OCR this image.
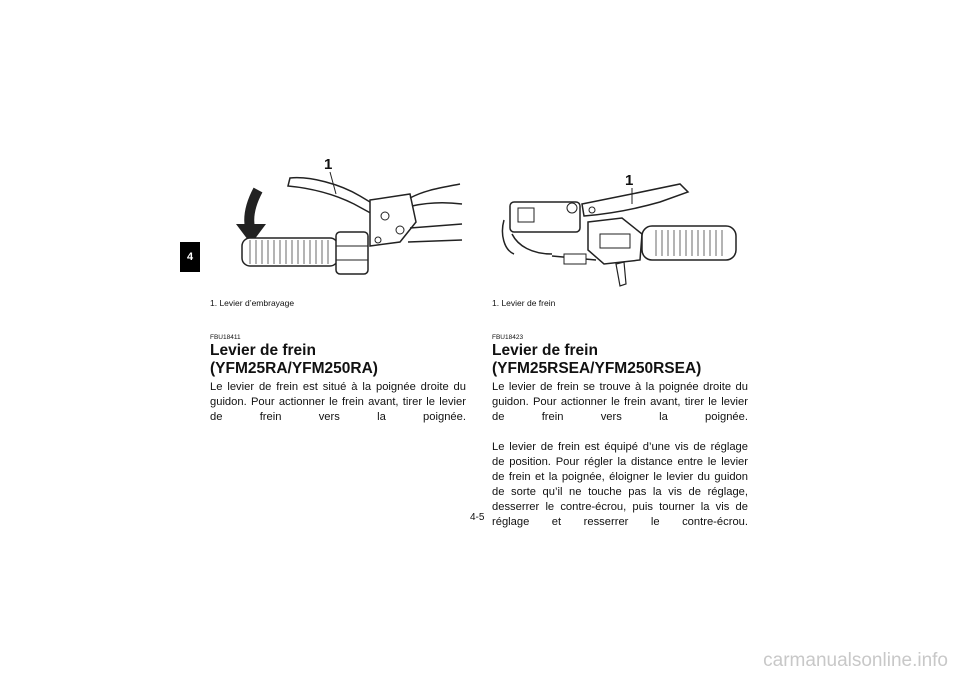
4
1
1. Levier d’embrayage
FBU18411
Levier de frein (YFM25RA/YFM250RA)

Le levier de frein est situé à la poignée droite du guidon. Pour actionner le frein avant, tirer le levier de frein vers la poignée.

1
1. Levier de frein
FBU18423
Levier de frein (YFM25RSEA/YFM250RSEA)

Le levier de frein se trouve à la poignée droite du guidon. Pour actionner le frein avant, tirer le levier de frein vers la poignée.

Le levier de frein est équipé d’une vis de réglage de position. Pour régler la distance entre le levier de frein et la poignée, éloigner le levier du guidon de sorte qu’il ne touche pas la vis de réglage, desserrer le contre-écrou, puis tourner la vis de réglage et resserrer le contre-écrou.

4-5
carmanualsonline.info
